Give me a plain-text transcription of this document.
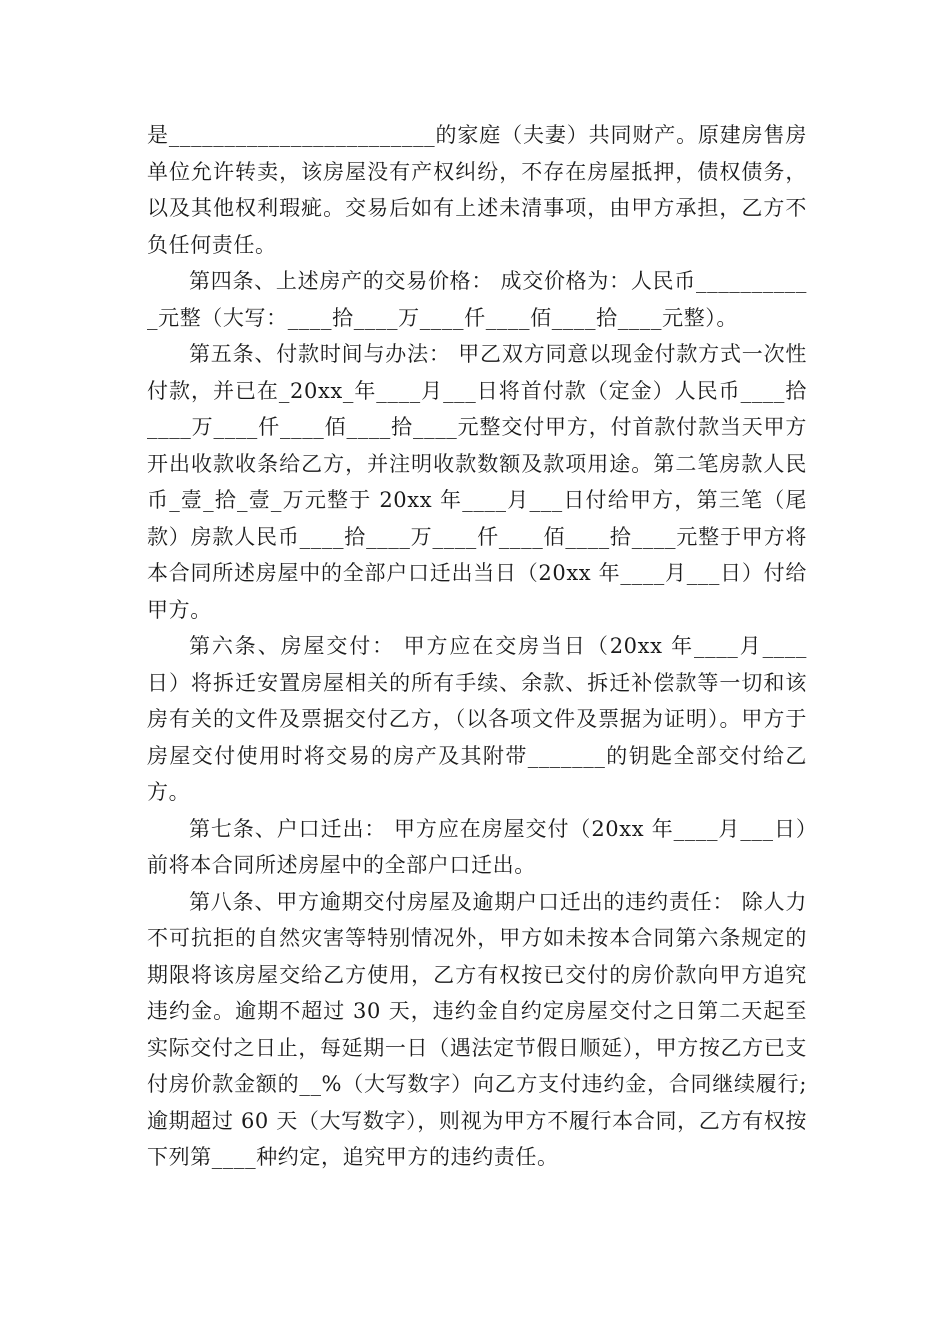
是________________________的家庭（夫妻）共同财产。原建房售房单位允许转卖，该房屋没有产权纠纷，不存在房屋抵押，债权债务，以及其他权利瑕疵。交易后如有上述未清事项，由甲方承担，乙方不负任何责任。

第四条、上述房产的交易价格： 成交价格为：人民币___________元整（大写：____拾____万____仟____佰____拾____元整）。

第五条、付款时间与办法： 甲乙双方同意以现金付款方式一次性付款，并已在_20xx_年____月___日将首付款（定金）人民币____拾____万____仟____佰____拾____元整交付甲方，付首款付款当天甲方开出收款收条给乙方，并注明收款数额及款项用途。第二笔房款人民币_壹_拾_壹_万元整于 20xx 年____月___日付给甲方，第三笔（尾款）房款人民币____拾____万____仟____佰____拾____元整于甲方将本合同所述房屋中的全部户口迁出当日（20xx 年____月___日）付给甲方。

第六条、房屋交付： 甲方应在交房当日（20xx 年____月____日）将拆迁安置房屋相关的所有手续、余款、拆迁补偿款等一切和该房有关的文件及票据交付乙方，（以各项文件及票据为证明）。甲方于房屋交付使用时将交易的房产及其附带_______的钥匙全部交付给乙方。

第七条、户口迁出： 甲方应在房屋交付（20xx 年____月___日）前将本合同所述房屋中的全部户口迁出。

第八条、甲方逾期交付房屋及逾期户口迁出的违约责任： 除人力不可抗拒的自然灾害等特别情况外，甲方如未按本合同第六条规定的期限将该房屋交给乙方使用，乙方有权按已交付的房价款向甲方追究违约金。逾期不超过 30 天，违约金自约定房屋交付之日第二天起至实际交付之日止，每延期一日（遇法定节假日顺延），甲方按乙方已支付房价款金额的__%（大写数字）向乙方支付违约金，合同继续履行;逾期超过 60 天（大写数字），则视为甲方不履行本合同，乙方有权按下列第____种约定，追究甲方的违约责任。
